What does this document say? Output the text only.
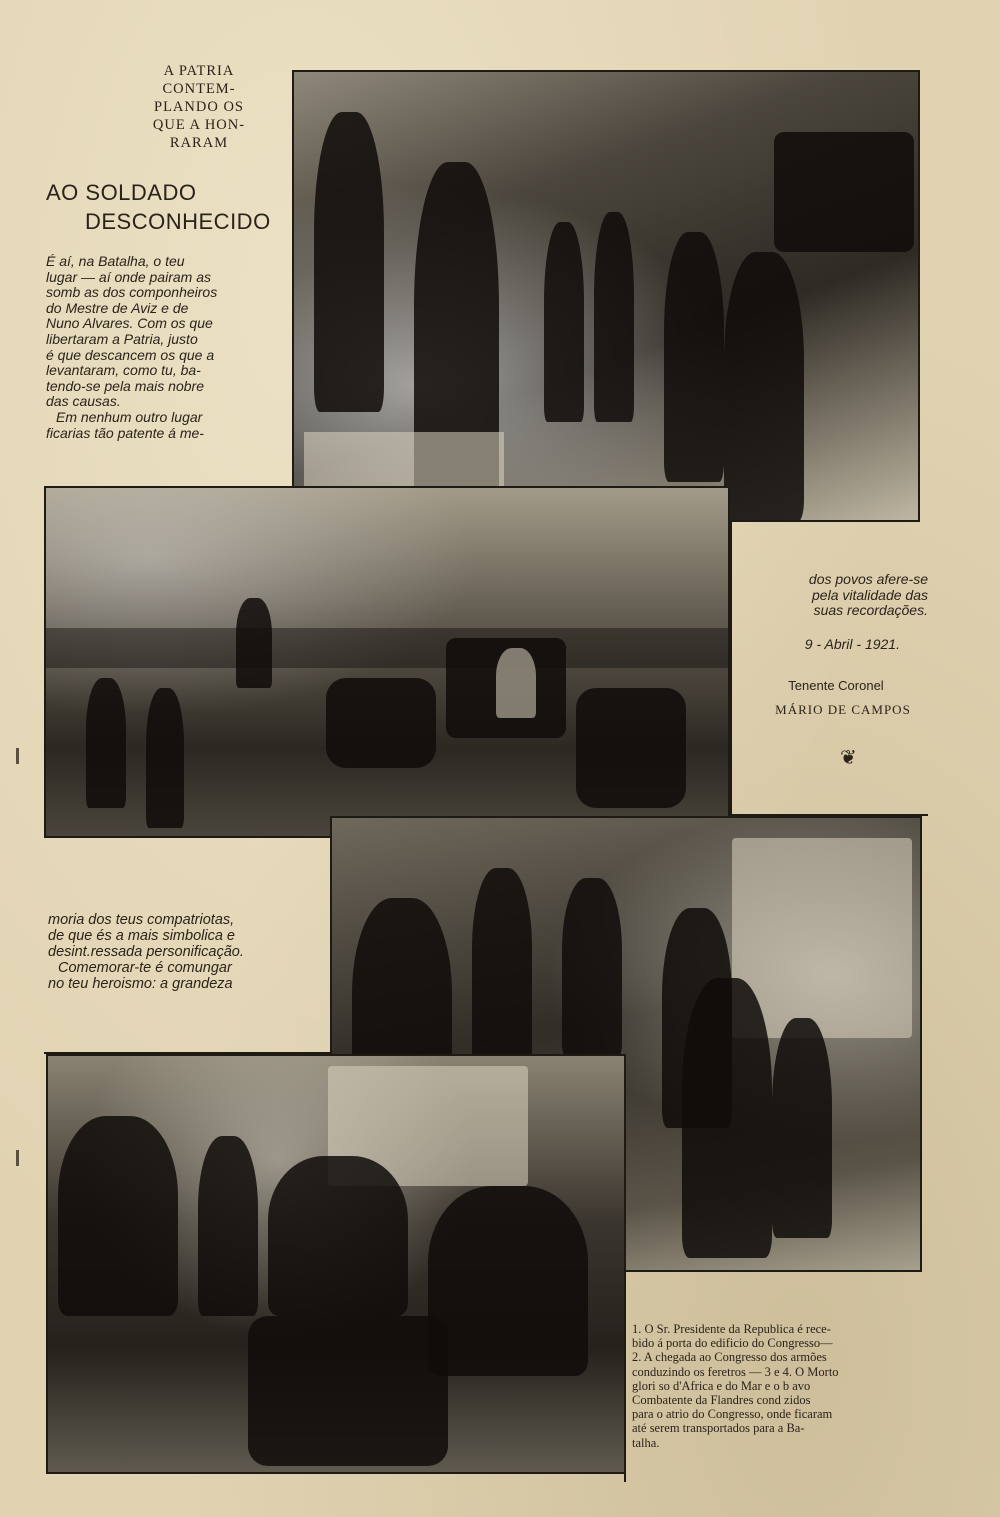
A PATRIA
CONTEM-
PLANDO OS
QUE A HON-
RARAM
AO SOLDADO
DESCONHECIDO
É aí, na Batalha, o teu
lugar — aí onde pairam as
somb as dos componheiros
do Mestre de Aviz e de
Nuno Alvares. Com os que
libertaram a Patria, justo
é que descancem os que a
levantaram, como tu, ba-
tendo-se pela mais nobre
das causas.
Em nenhum outro lugar
ficarias tão patente á me-
dos povos afere-se
pela vitalidade das
suas recordações.
9 - Abril - 1921.
Tenente Coronel
MÁRIO DE CAMPOS
❦
moria dos teus compatriotas,
de que és a mais simbolica e
desint.ressada personificação.
Comemorar-te é comungar
no teu heroismo: a grandeza
1. O Sr. Presidente da Republica é rece-
bido á porta do edificio do Congresso—
2. A chegada ao Congresso dos armões
conduzindo os feretros — 3 e 4. O Morto
glori so d'Africa e do Mar e o b avo
Combatente da Flandres cond zidos
para o atrio do Congresso, onde ficaram
até serem transportados para a Ba-
talha.
